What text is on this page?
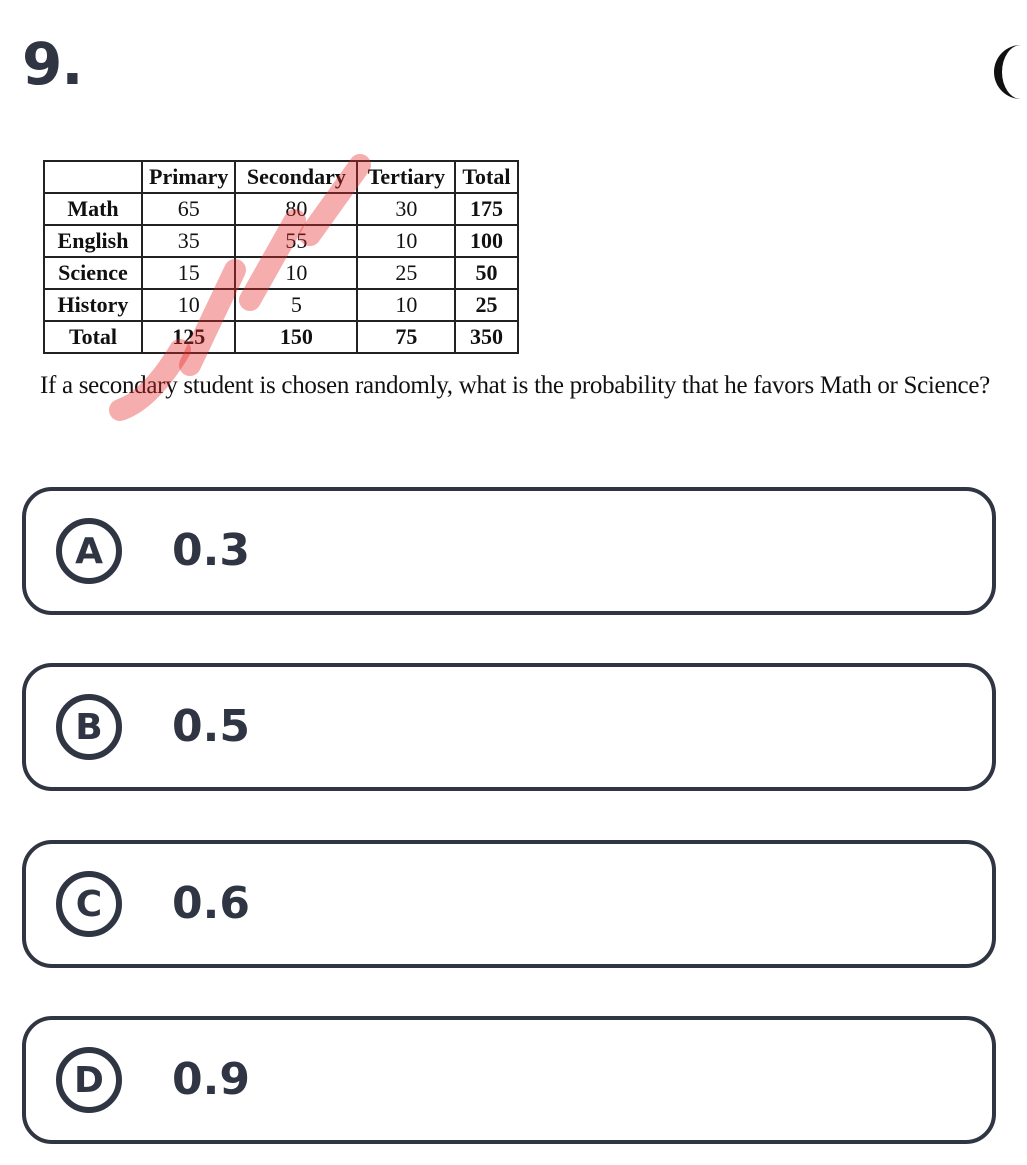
9.
	Primary	Secondary	Tertiary	Total
Math	65	80	30	175
English	35	55	10	100
Science	15	10	25	50
History	10	5	10	25
Total	125	150	75	350
If a secondary student is chosen randomly, what is the probability that he favors Math or Science?
A	0.3
B	0.5
C	0.6
D	0.9
